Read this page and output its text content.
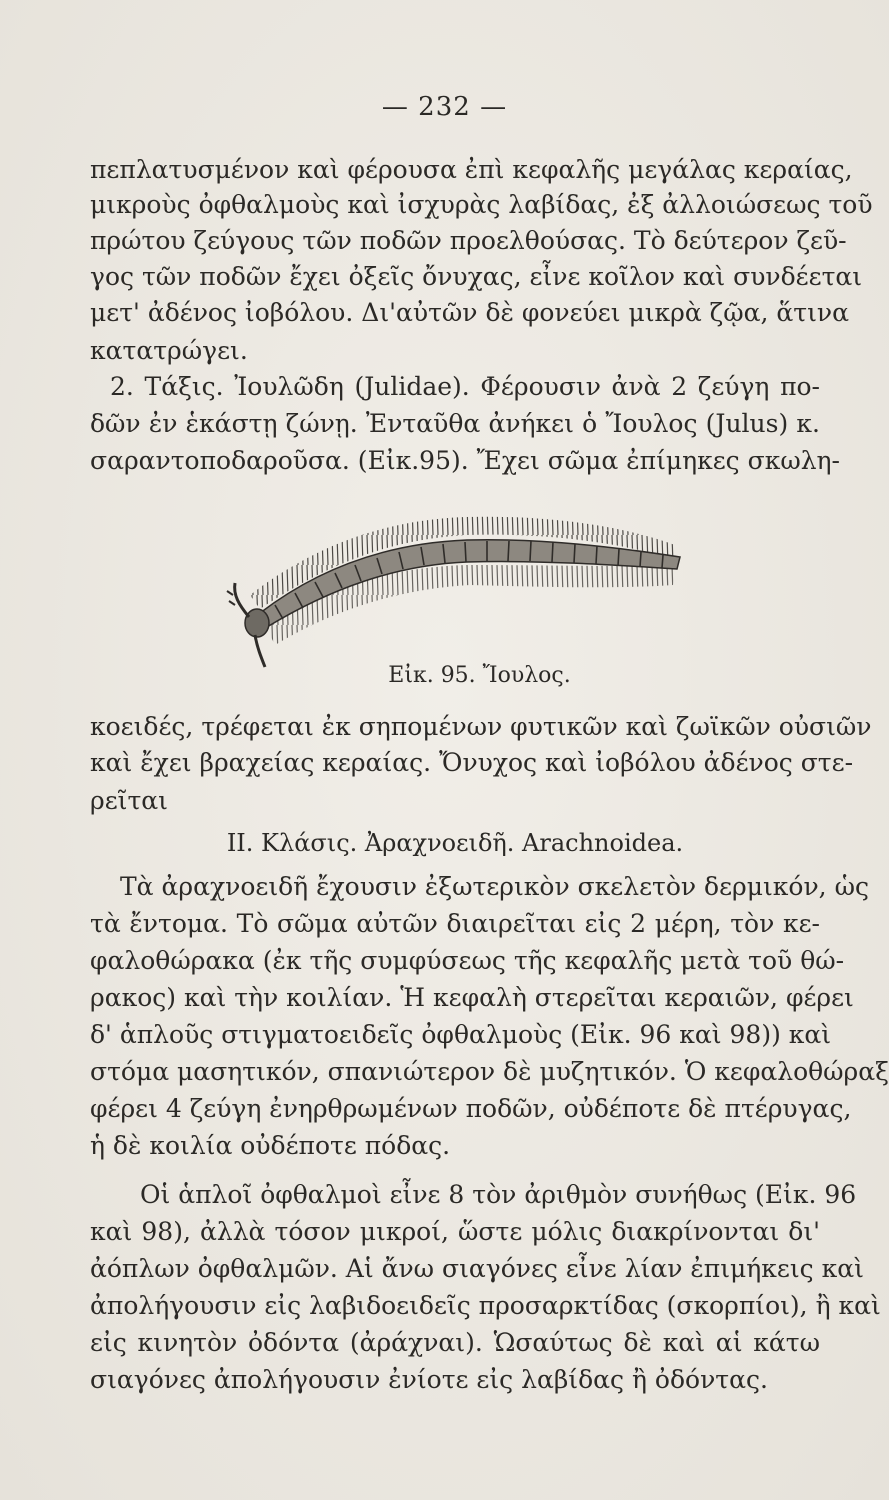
— 232 —
πεπλατυσμένον καὶ φέρουσα ἐπὶ κεφαλῆς μεγάλας κεραίας,
μικροὺς ὀφθαλμοὺς καὶ ἰσχυρὰς λαβίδας, ἐξ ἀλλοιώσεως τοῦ
πρώτου ζεύγους τῶν ποδῶν προελθούσας. Τὸ δεύτερον ζεῦ-
γος τῶν ποδῶν ἔχει ὀξεῖς ὄνυχας, εἶνε κοῖλον καὶ συνδέεται
μετ' ἀδένος ἰοβόλου. Δι'αὐτῶν δὲ φονεύει μικρὰ ζῷα, ἅτινα
κατατρώγει.
2. Τάξις. Ἰουλῶδη (Julidae). Φέρουσιν ἀνὰ 2 ζεύγη πο-
δῶν ἐν ἑκάστῃ ζώνῃ. Ἐνταῦθα ἀνήκει ὁ Ἴουλος (Julus) κ.
σαραντοποδαροῦσα. (Εἰκ.95). Ἔχει σῶμα ἐπίμηκες σκωλη-
Εἰκ. 95. Ἴουλος.
κοειδές, τρέφεται ἐκ σηπομένων φυτικῶν καὶ ζωϊκῶν οὐσιῶν
καὶ ἔχει βραχείας κεραίας. Ὄνυχος καὶ ἰοβόλου ἀδένος στε-
ρεῖται
ΙΙ. Κλάσις. Ἀραχνοειδῆ. Arachnoidea.
Τὰ ἀραχνοειδῆ ἔχουσιν ἐξωτερικὸν σκελετὸν δερμικόν, ὡς
τὰ ἔντομα. Τὸ σῶμα αὐτῶν διαιρεῖται εἰς 2 μέρη, τὸν κε-
φαλοθώρακα (ἐκ τῆς συμφύσεως τῆς κεφαλῆς μετὰ τοῦ θώ-
ρακος) καὶ τὴν κοιλίαν. Ἡ κεφαλὴ στερεῖται κεραιῶν, φέρει
δ' ἁπλοῦς στιγματοειδεῖς ὀφθαλμοὺς (Εἰκ. 96 καὶ 98)) καὶ
στόμα μασητικόν, σπανιώτερον δὲ μυζητικόν. Ὁ κεφαλοθώραξ
φέρει 4 ζεύγη ἐνηρθρωμένων ποδῶν, οὐδέποτε δὲ πτέρυγας,
ἡ δὲ κοιλία οὐδέποτε πόδας.
Οἱ ἁπλοῖ ὀφθαλμοὶ εἶνε 8 τὸν ἀριθμὸν συνήθως (Εἰκ. 96
καὶ 98), ἀλλὰ τόσον μικροί, ὥστε μόλις διακρίνονται δι'
ἀόπλων ὀφθαλμῶν. Αἱ ἄνω σιαγόνες εἶνε λίαν ἐπιμήκεις καὶ
ἀπολήγουσιν εἰς λαβιδοειδεῖς προσαρκτίδας (σκορπίοι), ἢ καὶ
εἰς κινητὸν ὀδόντα (ἀράχναι). Ὡσαύτως δὲ καὶ αἱ κάτω
σιαγόνες ἀπολήγουσιν ἐνίοτε εἰς λαβίδας ἢ ὀδόντας.
